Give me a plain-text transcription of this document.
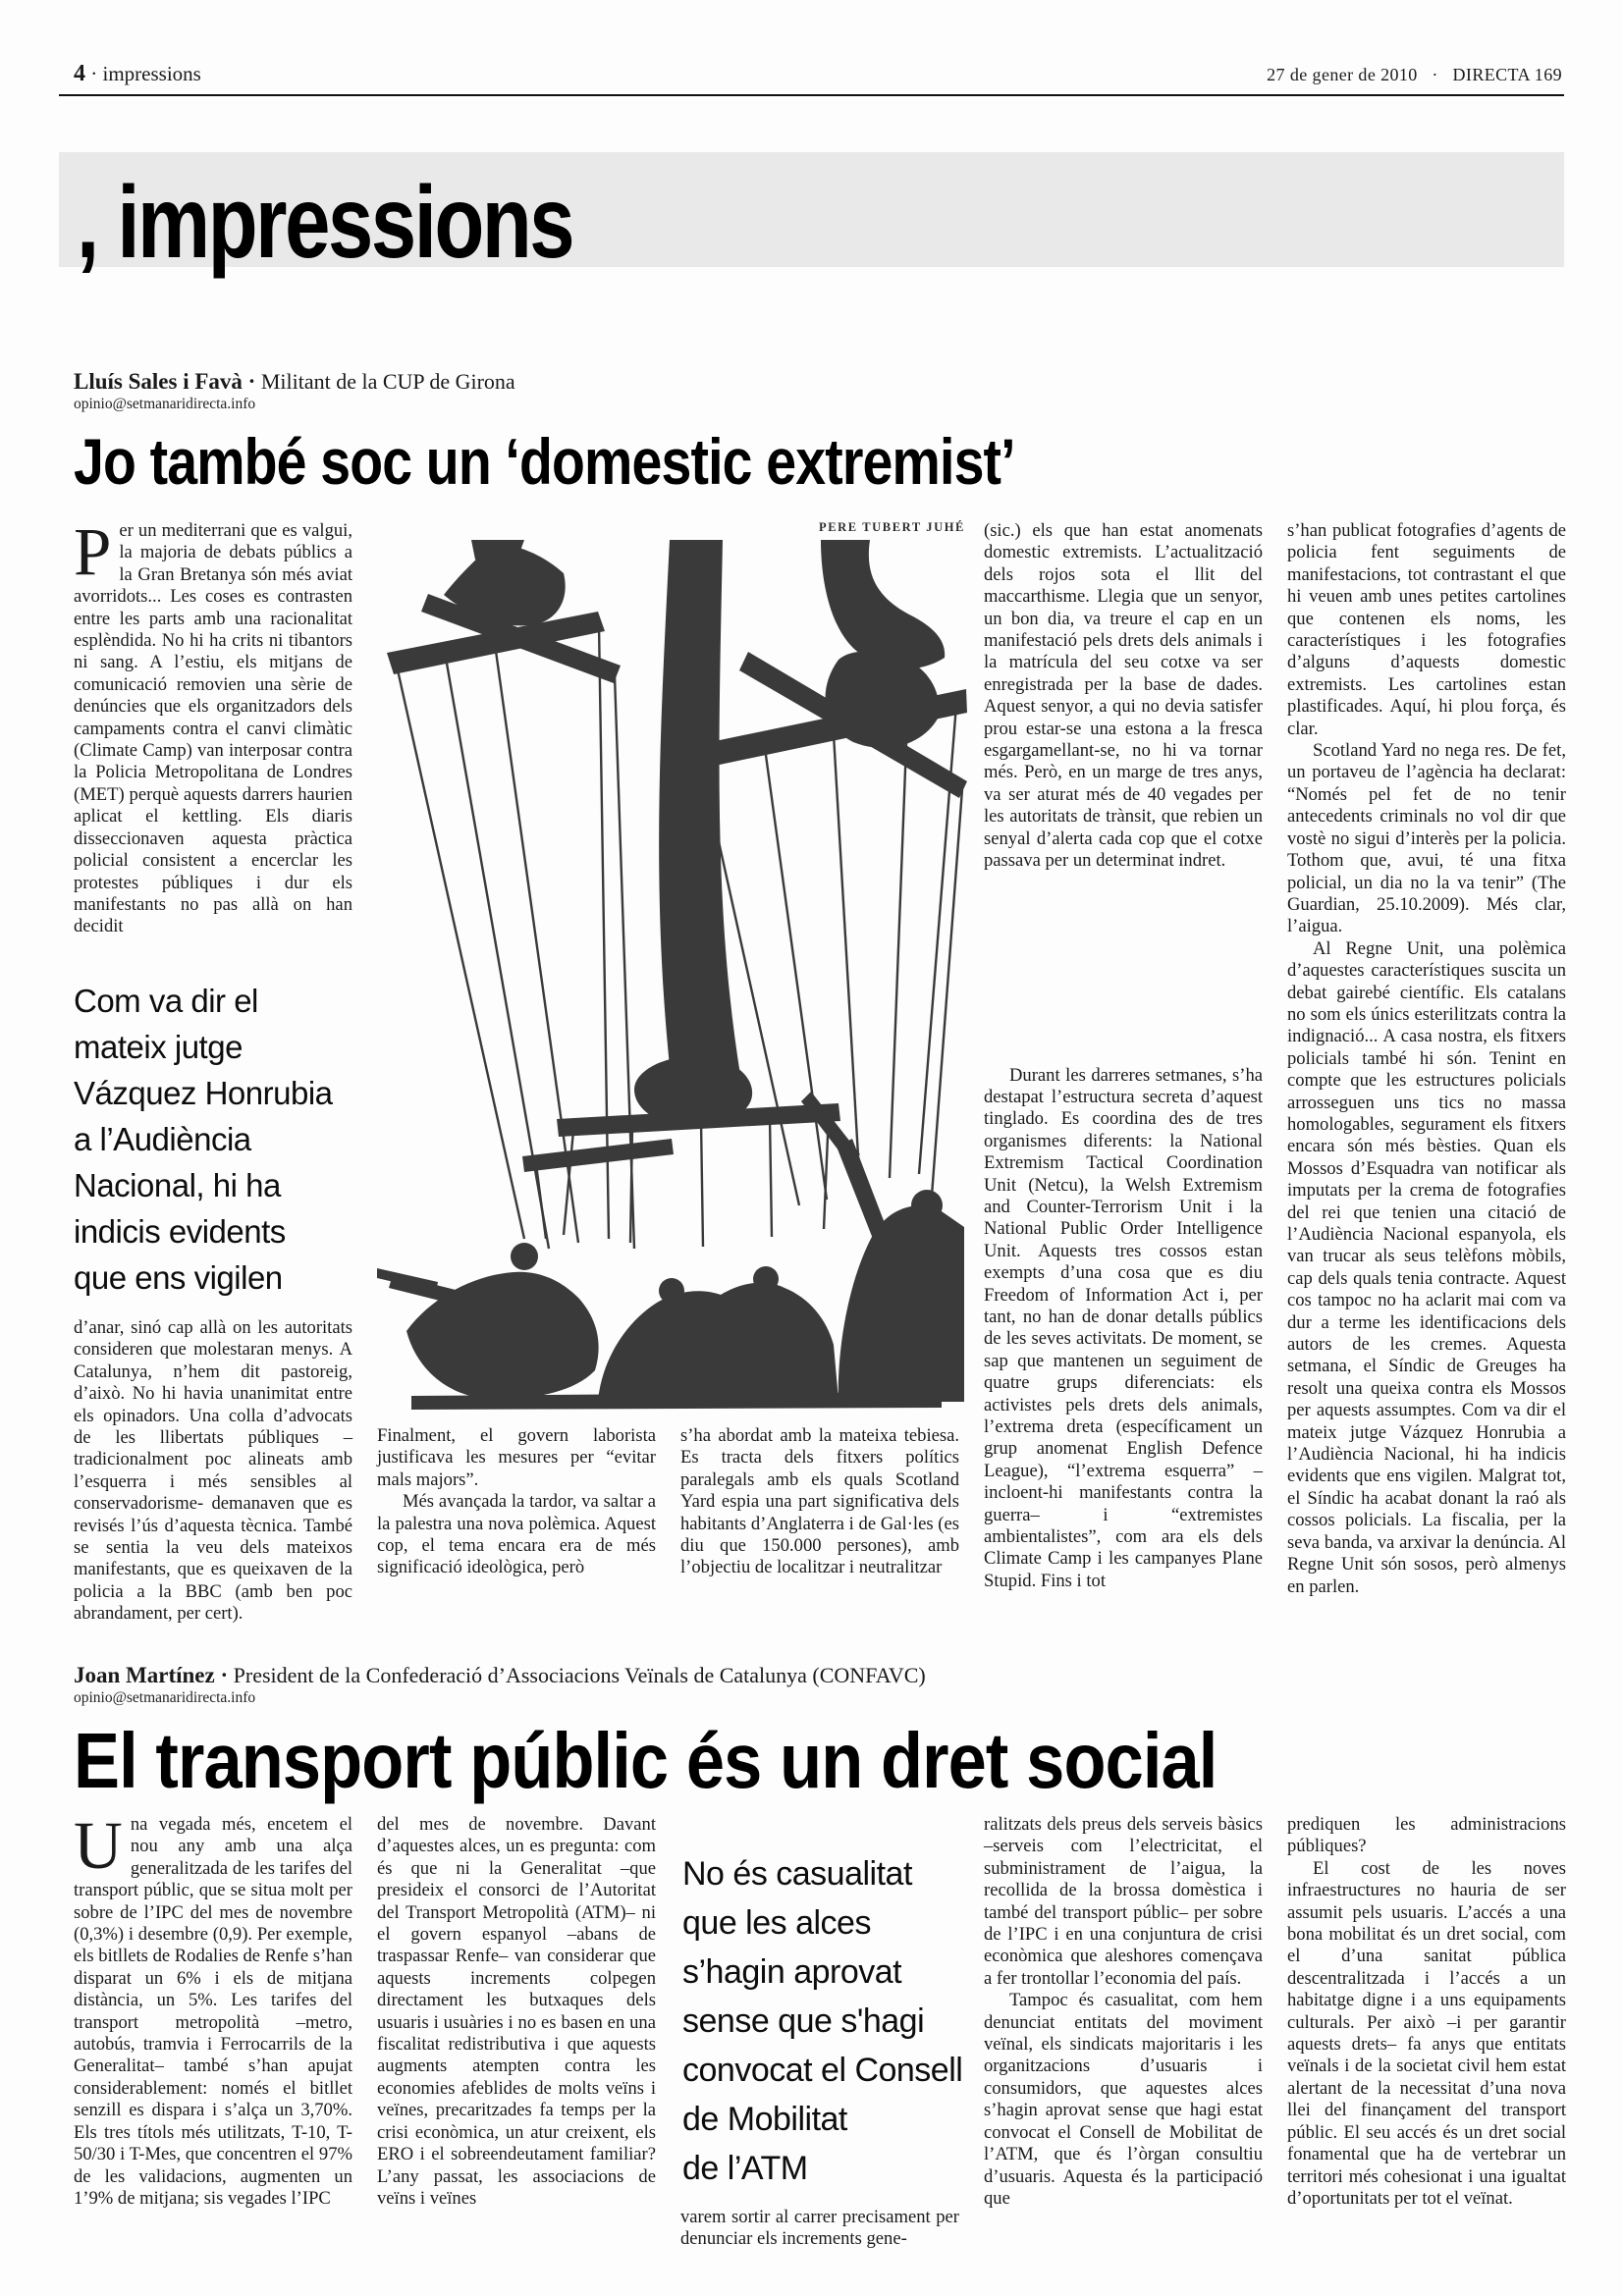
4 · impressions	27 de gener de 2010 · DIRECTA 169
, impressions
Lluís Sales i Favà · Militant de la CUP de Girona
opinio@setmanaridirecta.info
Jo també soc un ‘domestic extremist’

Per un mediterrani que es valgui, la majoria de debats públics a la Gran Bretanya són més aviat avorridots... Les coses es contrasten entre les parts amb una racionalitat esplèndida. No hi ha crits ni tibantors ni sang. A l’estiu, els mitjans de comunicació removien una sèrie de denúncies que els organitzadors dels campaments contra el canvi climàtic (Climate Camp) van interposar contra la Policia Metropolitana de Londres (MET) perquè aquests darrers haurien aplicat el kettling. Els diaris disseccionaven aquesta pràctica policial consistent a encerclar les protestes públiques i dur els manifestants no pas allà on han decidit

Com va dir el
mateix jutge
Vázquez Honrubia
a l’Audiència
Nacional, hi ha
indicis evidents
que ens vigilen

d’anar, sinó cap allà on les autoritats consideren que molestaran menys. A Catalunya, n’hem dit pastoreig, d’això. No hi havia unanimitat entre els opinadors. Una colla d’advocats de les llibertats públiques –tradicionalment poc alineats amb l’esquerra i més sensibles al conservadorisme- demanaven que es revisés l’ús d’aquesta tècnica. També se sentia la veu dels mateixos manifestants, que es queixaven de la policia a la BBC (amb ben poc abrandament, per cert).

PERE TUBERT JUHÉ

Finalment, el govern laborista justificava les mesures per “evitar mals majors”.

Més avançada la tardor, va saltar a la palestra una nova polèmica. Aquest cop, el tema encara era de més significació ideològica, però

s’ha abordat amb la mateixa tebiesa. Es tracta dels fitxers polítics paralegals amb els quals Scotland Yard espia una part significativa dels habitants d’Anglaterra i de Gal·les (es diu que 150.000 persones), amb l’objectiu de localitzar i neutralitzar

(sic.) els que han estat anomenats domestic extremists. L’actualització dels rojos sota el llit del maccarthisme. Llegia que un senyor, un bon dia, va treure el cap en un manifestació pels drets dels animals i la matrícula del seu cotxe va ser enregistrada per la base de dades. Aquest senyor, a qui no devia satisfer prou estar-se una estona a la fresca esgargamellant-se, no hi va tornar més. Però, en un marge de tres anys, va ser aturat més de 40 vegades per les autoritats de trànsit, que rebien un senyal d’alerta cada cop que el cotxe passava per un determinat indret.

Durant les darreres setmanes, s’ha destapat l’estructura secreta d’aquest tinglado. Es coordina des de tres organismes diferents: la National Extremism Tactical Coordination Unit (Netcu), la Welsh Extremism and Counter-Terrorism Unit i la National Public Order Intelligence Unit. Aquests tres cossos estan exempts d’una cosa que es diu Freedom of Information Act i, per tant, no han de donar detalls públics de les seves activitats. De moment, se sap que mantenen un seguiment de quatre grups diferenciats: els activistes pels drets dels animals, l’extrema dreta (específicament un grup anomenat English Defence League), “l’extrema esquerra” –incloent-hi manifestants contra la guerra– i “extremistes ambientalistes”, com ara els dels Climate Camp i les campanyes Plane Stupid. Fins i tot

s’han publicat fotografies d’agents de policia fent seguiments de manifestacions, tot contrastant el que hi veuen amb unes petites cartolines que contenen els noms, les característiques i les fotografies d’alguns d’aquests domestic extremists. Les cartolines estan plastificades. Aquí, hi plou força, és clar.

Scotland Yard no nega res. De fet, un portaveu de l’agència ha declarat: “Només pel fet de no tenir antecedents criminals no vol dir que vostè no sigui d’interès per la policia. Tothom que, avui, té una fitxa policial, un dia no la va tenir” (The Guardian, 25.10.2009). Més clar, l’aigua.

Al Regne Unit, una polèmica d’aquestes característiques suscita un debat gairebé científic. Els catalans no som els únics esterilitzats contra la indignació... A casa nostra, els fitxers policials també hi són. Tenint en compte que les estructures policials arrosseguen uns tics no massa homologables, segurament els fitxers encara són més bèsties. Quan els Mossos d’Esquadra van notificar als imputats per la crema de fotografies del rei que tenien una citació de l’Audiència Nacional espanyola, els van trucar als seus telèfons mòbils, cap dels quals tenia contracte. Aquest cos tampoc no ha aclarit mai com va dur a terme les identificacions dels autors de les cremes. Aquesta setmana, el Síndic de Greuges ha resolt una queixa contra els Mossos per aquests assumptes. Com va dir el mateix jutge Vázquez Honrubia a l’Audiència Nacional, hi ha indicis evidents que ens vigilen. Malgrat tot, el Síndic ha acabat donant la raó als cossos policials. La fiscalia, per la seva banda, va arxivar la denúncia. Al Regne Unit són sosos, però almenys en parlen.

Joan Martínez · President de la Confederació d’Associacions Veïnals de Catalunya (CONFAVC)
opinio@setmanaridirecta.info
El transport públic és un dret social

Una vegada més, encetem el nou any amb una alça generalitzada de les tarifes del transport públic, que se situa molt per sobre de l’IPC del mes de novembre (0,3%) i desembre (0,9). Per exemple, els bitllets de Rodalies de Renfe s’han disparat un 6% i els de mitjana distància, un 5%. Les tarifes del transport metropolità –metro, autobús, tramvia i Ferrocarrils de la Generalitat– també s’han apujat considerablement: només el bitllet senzill es dispara i s’alça un 3,70%. Els tres títols més utilitzats, T-10, T-50/30 i T-Mes, que concentren el 97% de les validacions, augmenten un 1’9% de mitjana; sis vegades l’IPC

del mes de novembre. Davant d’aquestes alces, un es pregunta: com és que ni la Generalitat –que presideix el consorci de l’Autoritat del Transport Metropolità (ATM)– ni el govern espanyol –abans de traspassar Renfe– van considerar que aquests increments colpegen directament les butxaques dels usuaris i usuàries i no es basen en una fiscalitat redistributiva i que aquests augments atempten contra les economies afeblides de molts veïns i veïnes, precaritzades fa temps per la crisi econòmica, un atur creixent, els ERO i el sobreendeutament familiar? L’any passat, les associacions de veïns i veïnes

No és casualitat
que les alces
s’hagin aprovat
sense que s'hagi
convocat el Consell
de Mobilitat
de l’ATM

varem sortir al carrer precisament per denunciar els increments gene-

ralitzats dels preus dels serveis bàsics –serveis com l’electricitat, el subministrament de l’aigua, la recollida de la brossa domèstica i també del transport públic– per sobre de l’IPC i en una conjuntura de crisi econòmica que aleshores començava a fer trontollar l’economia del país.

Tampoc és casualitat, com hem denunciat entitats del moviment veïnal, els sindicats majoritaris i les organitzacions d’usuaris i consumidors, que aquestes alces s’hagin aprovat sense que hagi estat convocat el Consell de Mobilitat de l’ATM, que és l’òrgan consultiu d’usuaris. Aquesta és la participació que

prediquen les administracions públiques?

El cost de les noves infraestructures no hauria de ser assumit pels usuaris. L’accés a una bona mobilitat és un dret social, com el d’una sanitat pública descentralitzada i l’accés a un habitatge digne i a uns equipaments culturals. Per això –i per garantir aquests drets– fa anys que entitats veïnals i de la societat civil hem estat alertant de la necessitat d’una nova llei del finançament del transport públic. El seu accés és un dret social fonamental que ha de vertebrar un territori més cohesionat i una igualtat d’oportunitats per tot el veïnat.
